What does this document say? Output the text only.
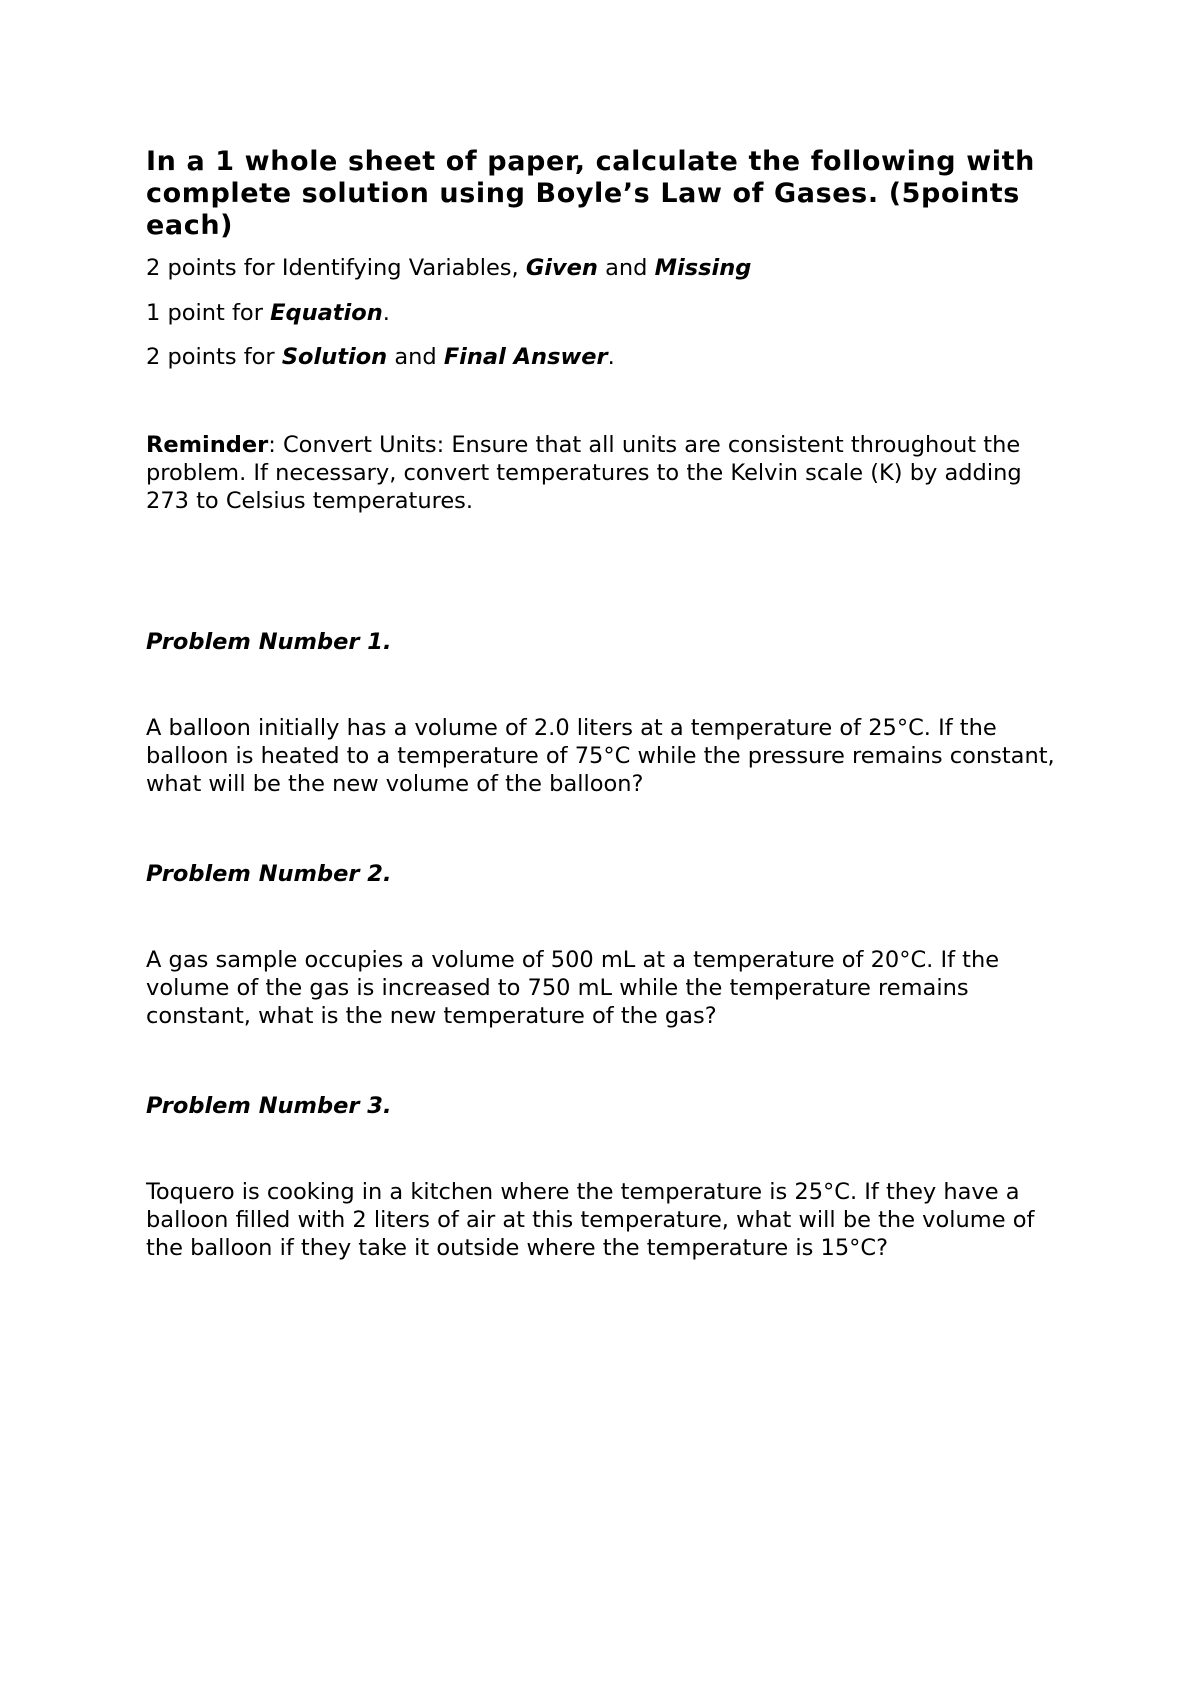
In a 1 whole sheet of paper, calculate the following with complete solution using Boyle’s Law of Gases. (5points each)

2 points for Identifying Variables, Given and Missing

1 point for Equation.

2 points for Solution and Final Answer.

Reminder: Convert Units: Ensure that all units are consistent throughout the problem. If necessary, convert temperatures to the Kelvin scale (K) by adding 273 to Celsius temperatures.

Problem Number 1.

A balloon initially has a volume of 2.0 liters at a temperature of 25°C. If the balloon is heated to a temperature of 75°C while the pressure remains constant, what will be the new volume of the balloon?

Problem Number 2.

A gas sample occupies a volume of 500 mL at a temperature of 20°C. If the volume of the gas is increased to 750 mL while the temperature remains constant, what is the new temperature of the gas?

Problem Number 3.

Toquero is cooking in a kitchen where the temperature is 25°C. If they have a balloon filled with 2 liters of air at this temperature, what will be the volume of the balloon if they take it outside where the temperature is 15°C?
